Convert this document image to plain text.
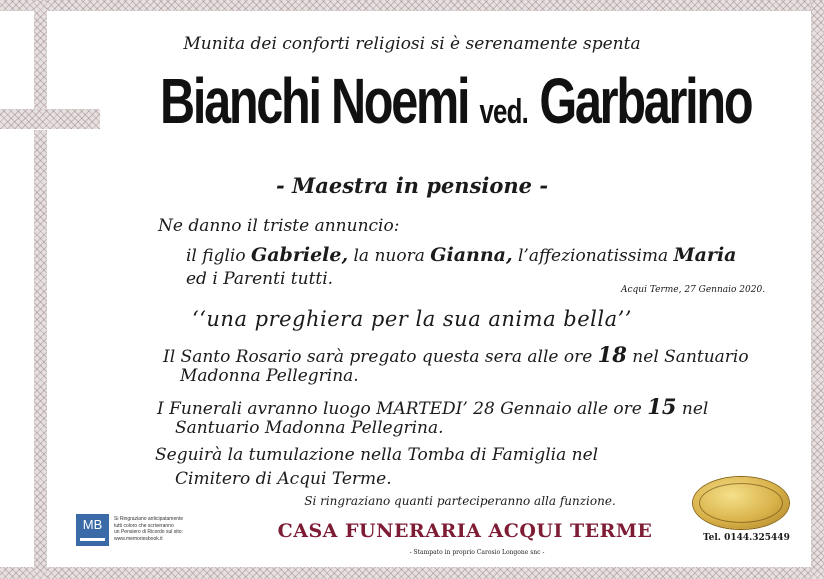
Munita dei conforti religiosi si è serenamente spenta
Bianchi Noemi ved. Garbarino
- Maestra in pensione -
Ne danno il triste annuncio:
il figlio Gabriele, la nuora Gianna, l’affezionatissima Maria
ed i Parenti tutti.
Acqui Terme, 27 Gennaio 2020.
‘‘una preghiera per la sua anima bella’’
Il Santo Rosario sarà pregato questa sera alle ore 18 nel Santuario
Madonna Pellegrina.
I Funerali avranno luogo MARTEDI’ 28 Gennaio alle ore 15 nel
Santuario Madonna Pellegrina.
Seguirà la tumulazione nella Tomba di Famiglia nel
Cimitero di Acqui Terme.
Si ringraziano quanti parteciperanno alla funzione.
CASA FUNERARIA ACQUI TERME
- Stampato in proprio Carosio Longone snc -
Tel. 0144.325449
MB	Si Ringraziano anticipatamente
tutti coloro che scriveranno
un Pensiero di Ricordo sul sito:
www.memoriesbook.it
